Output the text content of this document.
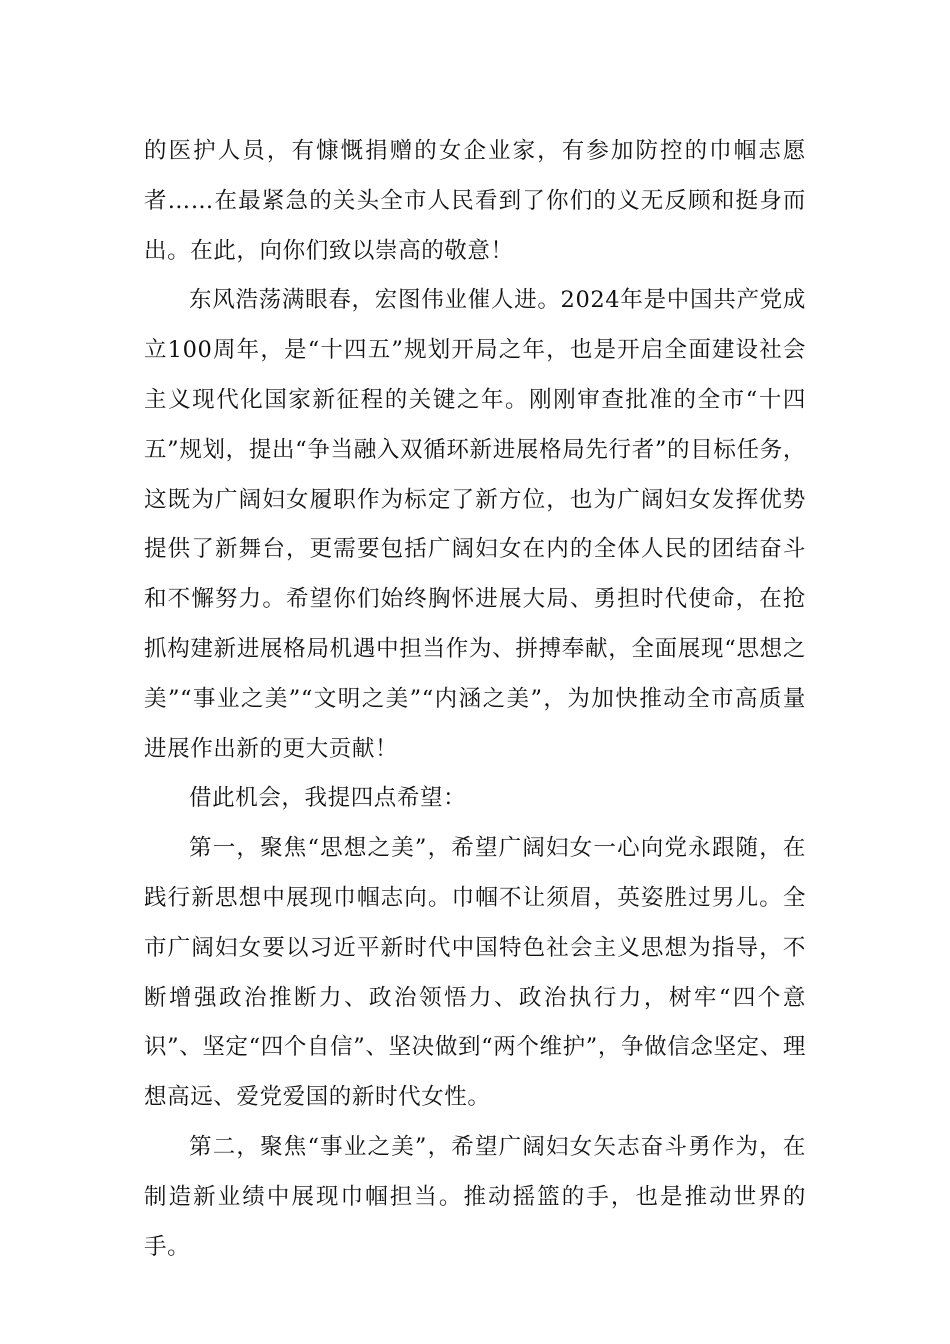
的医护人员，有慷慨捐赠的女企业家，有参加防控的巾帼志愿者……在最紧急的关头全市人民看到了你们的义无反顾和挺身而出。在此，向你们致以崇高的敬意！

东风浩荡满眼春，宏图伟业催人进。2024年是中国共产党成立100周年，是“十四五”规划开局之年，也是开启全面建设社会主义现代化国家新征程的关键之年。刚刚审查批准的全市“十四五”规划，提出“争当融入双循环新进展格局先行者”的目标任务，这既为广阔妇女履职作为标定了新方位，也为广阔妇女发挥优势提供了新舞台，更需要包括广阔妇女在内的全体人民的团结奋斗和不懈努力。希望你们始终胸怀进展大局、勇担时代使命，在抢抓构建新进展格局机遇中担当作为、拼搏奉献，全面展现“思想之美”“事业之美”“文明之美”“内涵之美”，为加快推动全市高质量进展作出新的更大贡献！

借此机会，我提四点希望：

第一，聚焦“思想之美”，希望广阔妇女一心向党永跟随，在践行新思想中展现巾帼志向。巾帼不让须眉，英姿胜过男儿。全市广阔妇女要以习近平新时代中国特色社会主义思想为指导，不断增强政治推断力、政治领悟力、政治执行力，树牢“四个意识”、坚定“四个自信”、坚决做到“两个维护”，争做信念坚定、理想高远、爱党爱国的新时代女性。

第二，聚焦“事业之美”，希望广阔妇女矢志奋斗勇作为，在制造新业绩中展现巾帼担当。推动摇篮的手，也是推动世界的手。
